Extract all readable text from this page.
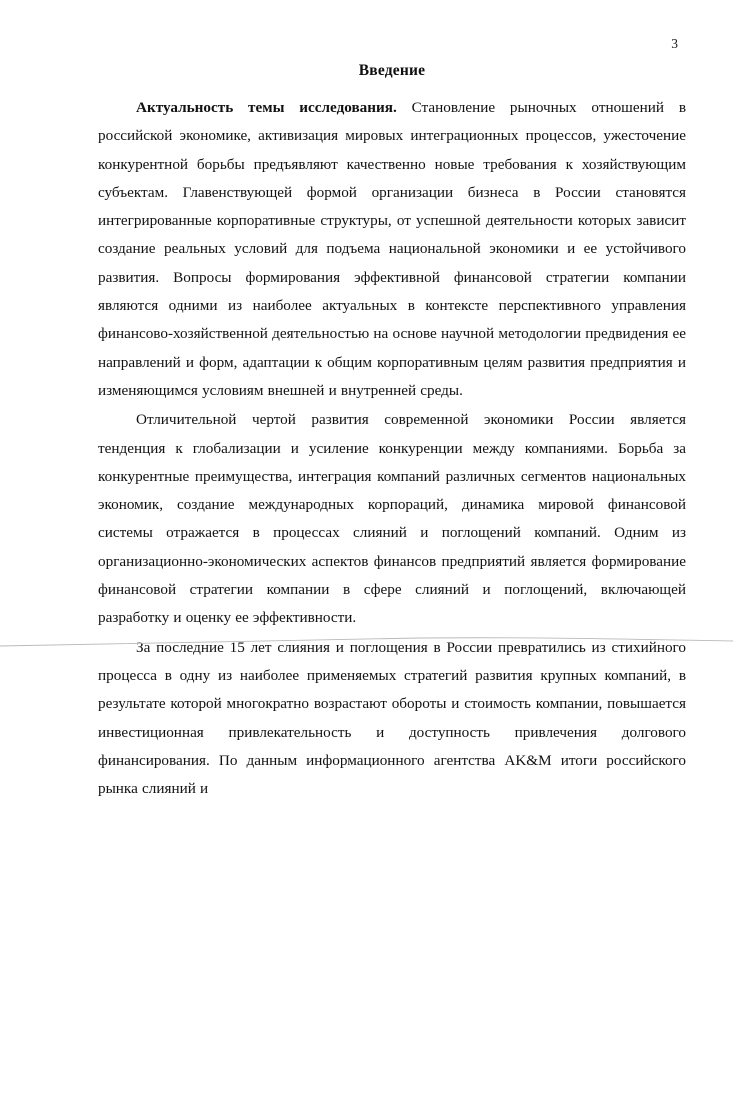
3
Введение

Актуальность темы исследования. Становление рыночных отношений в российской экономике, активизация мировых интеграционных процессов, ужесточение конкурентной борьбы предъявляют качественно новые требования к хозяйствующим субъектам. Главенствующей формой организации бизнеса в России становятся интегрированные корпоративные структуры, от успешной деятельности которых зависит создание реальных условий для подъема национальной экономики и ее устойчивого развития. Вопросы формирования эффективной финансовой стратегии компании являются одними из наиболее актуальных в контексте перспективного управления финансово-хозяйственной деятельностью на основе научной методологии предвидения ее направлений и форм, адаптации к общим корпоративным целям развития предприятия и изменяющимся условиям внешней и внутренней среды.

Отличительной чертой развития современной экономики России является тенденция к глобализации и усиление конкуренции между компаниями. Борьба за конкурентные преимущества, интеграция компаний различных сегментов национальных экономик, создание международных корпораций, динамика мировой финансовой системы отражается в процессах слияний и поглощений компаний. Одним из организационно-экономических аспектов финансов предприятий является формирование финансовой стратегии компании в сфере слияний и поглощений, включающей разработку и оценку ее эффективности.

За последние 15 лет слияния и поглощения в России превратились из стихийного процесса в одну из наиболее применяемых стратегий развития крупных компаний, в результате которой многократно возрастают обороты и стоимость компании, повышается инвестиционная привлекательность и доступность привлечения долгового финансирования. По данным информационного агентства AK&M итоги российского рынка слияний и
